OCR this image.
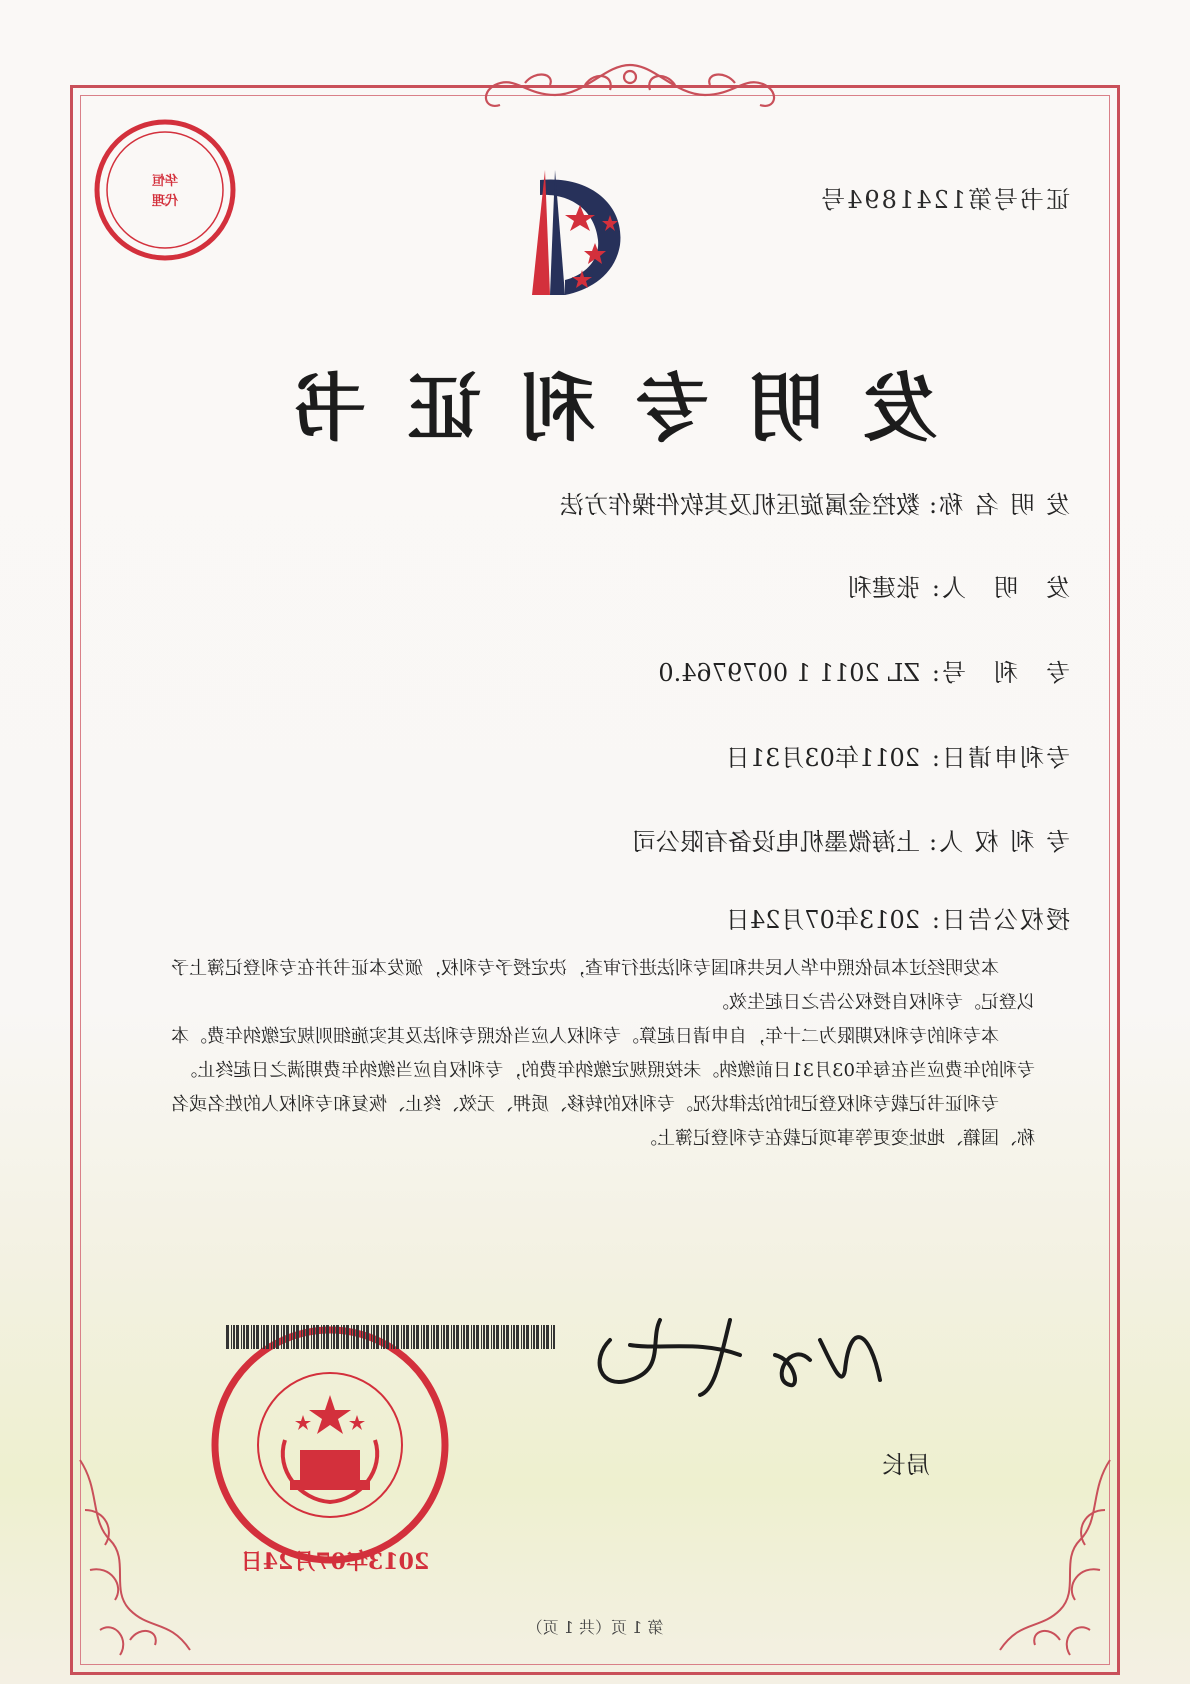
华恒
代理	证书号第1241894号
发明专利证书
发 明 名 称:数控金属旋压机及其软件操作方法
发　明　人:张建利
专　利　号:ZL 2011 1 0079764.0
专利申请日:2011年03月31日
专 利 权 人:上海微墨机电设备有限公司
授权公告日:2013年07月24日

本发明经过本局依照中华人民共和国专利法进行审查，决定授予专利权，颁发本证书并在专利登记簿上予以登记。专利权自授权公告之日起生效。

本专利的专利权期限为二十年，自申请日起算。专利权人应当依照专利法及其实施细则规定缴纳年费。本专利的年费应当在每年03月31日前缴纳。未按照规定缴纳年费的，专利权自应当缴纳年费期满之日起终止。

专利证书记载专利权登记时的法律状况。专利权的转移、质押、无效、终止、恢复和专利权人的姓名或名称、国籍、地址变更等事项记载在专利登记簿上。

局长
2013年07月24日
第 1 页（共 1 页）
